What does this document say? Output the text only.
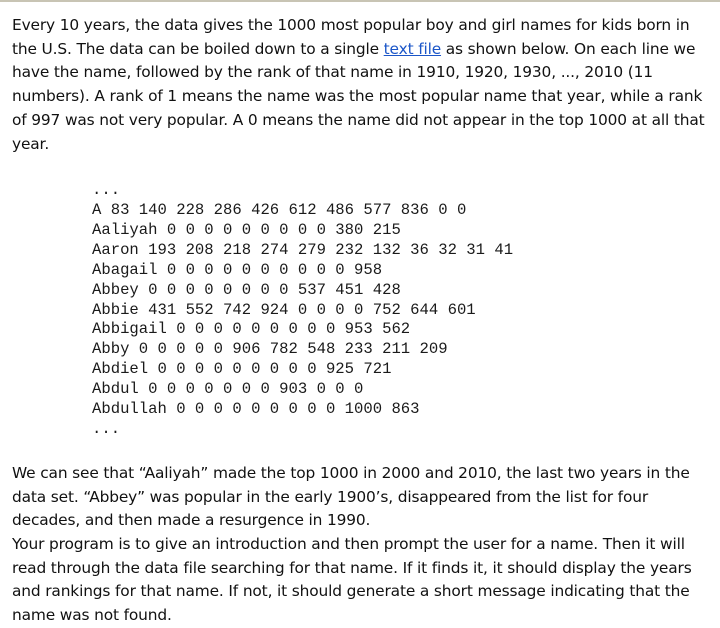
Every 10 years, the data gives the 1000 most popular boy and girl names for kids born in the U.S. The data can be boiled down to a single text file as shown below. On each line we have the name, followed by the rank of that name in 1910, 1920, 1930, ..., 2010 (11 numbers). A rank of 1 means the name was the most popular name that year, while a rank of 997 was not very popular. A 0 means the name did not appear in the top 1000 at all that year.

...
A 83 140 228 286 426 612 486 577 836 0 0
Aaliyah 0 0 0 0 0 0 0 0 0 380 215
Aaron 193 208 218 274 279 232 132 36 32 31 41
Abagail 0 0 0 0 0 0 0 0 0 0 958
Abbey 0 0 0 0 0 0 0 0 537 451 428
Abbie 431 552 742 924 0 0 0 0 752 644 601
Abbigail 0 0 0 0 0 0 0 0 0 953 562
Abby 0 0 0 0 0 906 782 548 233 211 209
Abdiel 0 0 0 0 0 0 0 0 0 925 721
Abdul 0 0 0 0 0 0 0 903 0 0 0
Abdullah 0 0 0 0 0 0 0 0 0 1000 863
...

We can see that “Aaliyah” made the top 1000 in 2000 and 2010, the last two years in the data set. “Abbey” was popular in the early 1900’s, disappeared from the list for four decades, and then made a resurgence in 1990.

Your program is to give an introduction and then prompt the user for a name. Then it will read through the data file searching for that name. If it finds it, it should display the years and rankings for that name. If not, it should generate a short message indicating that the name was not found.
